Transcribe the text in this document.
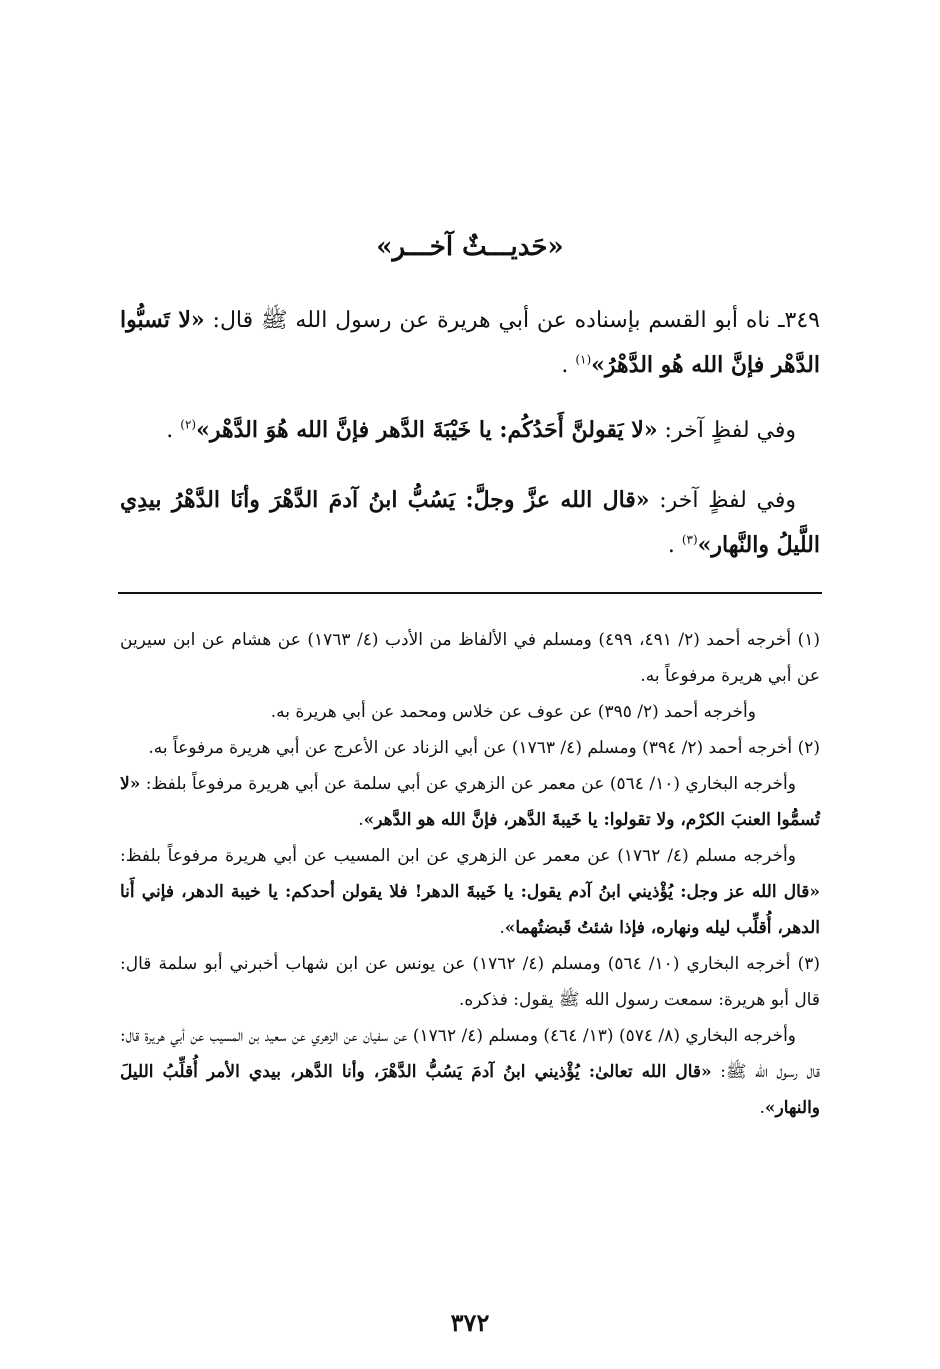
«حَديـــثٌ آخـــر»
٣٤٩ـ ناه أبو القسم بإسناده عن أبي هريرة عن رسول الله ﷺ قال: «لا تَسبُّوا الدَّهْر فإنَّ الله هُو الدَّهْرُ»$^{(١)}$ .
وفي لفظٍ آخر: «لا يَقولنَّ أَحَدُكُم: يا خَيْبَةَ الدَّهر فإنَّ الله هُوَ الدَّهْر»$^{(٢)}$ .
وفي لفظٍ آخر: «قال الله عزَّ وجلَّ: يَسُبُّ ابنُ آدمَ الدَّهْرَ وأنَا الدَّهْرُ بيدِي اللَّيلُ والنَّهار»$^{(٣)}$ .
(١) أخرجه أحمد (٢/ ٤٩١، ٤٩٩) ومسلم في الألفاظ من الأدب (٤/ ١٧٦٣) عن هشام عن ابن سيرين عن أبي هريرة مرفوعاً به.
وأخرجه أحمد (٢/ ٣٩٥) عن عوف عن خلاس ومحمد عن أبي هريرة به.
(٢) أخرجه أحمد (٢/ ٣٩٤) ومسلم (٤/ ١٧٦٣) عن أبي الزناد عن الأعرج عن أبي هريرة مرفوعاً به.
وأخرجه البخاري (١٠/ ٥٦٤) عن معمر عن الزهري عن أبي سلمة عن أبي هريرة مرفوعاً بلفظ: «لا تُسمُّوا العنبَ الكرْم، ولا تقولوا: يا خَيبةَ الدَّهر، فإنَّ الله هو الدَّهر».
وأخرجه مسلم (٤/ ١٧٦٢) عن معمر عن الزهري عن ابن المسيب عن أبي هريرة مرفوعاً بلفظ: «قال الله عز وجل: يُؤْذيني ابنُ آدم يقول: يا خَيبةَ الدهر! فلا يقولن أحدكم: يا خيبة الدهر، فإني أَنا الدهر، أُقلِّب ليله ونهاره، فإذا شئتُ قَبضتُهما».
(٣) أخرجه البخاري (١٠/ ٥٦٤) ومسلم (٤/ ١٧٦٢) عن يونس عن ابن شهاب أخبرني أبو سلمة قال: قال أبو هريرة: سمعت رسول الله ﷺ يقول: فذكره.
وأخرجه البخاري (٨/ ٥٧٤) (١٣/ ٤٦٤) ومسلم (٤/ ١٧٦٢) عن سفيان عن الزهري عن سعيد بن المسيب عن أبي هريرة قال: قال رسول الله ﷺ: «قال الله تعالىٰ: يُؤْذيني ابنُ آدمَ يَسُبُّ الدَّهْرَ، وأنا الدَّهر، بيدي الأمر أُقلِّبُ الليلَ والنهار».
٣٧٢
